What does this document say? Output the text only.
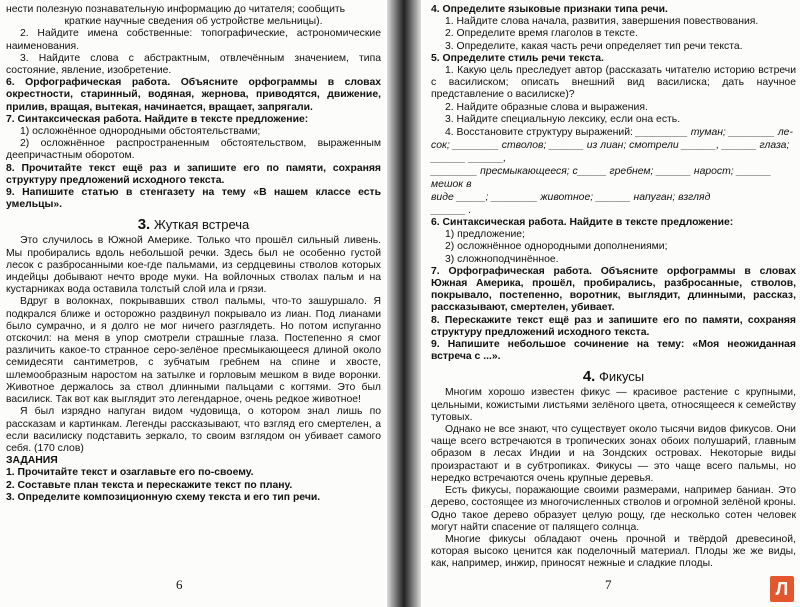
нести полезную познавательную информацию до читателя; сообщить
краткие научные сведения об устройстве мельницы).
2. Найдите имена собственные: топографические, астрономические наименования.
3. Найдите слова с абстрактным, отвлечённым значением, типа состояние, явление, изобретение.
6. Орфографическая работа. Объясните орфограммы в словах окрестности, старинный, водяная, жернова, приводятся, движение, прилив, вращая, вытекая, начинается, вращает, запрягали.
7. Синтаксическая работа. Найдите в тексте предложение:
1) осложнённое однородными обстоятельствами;
2) осложнённое распространенным обстоятельством, выраженным деепричастным оборотом.
8. Прочитайте текст ещё раз и запишите его по памяти, сохраняя структуру предложений исходного текста.
9. Напишите статью в стенгазету на тему «В нашем классе есть умельцы».
3. Жуткая встреча

Это случилось в Южной Америке. Только что прошёл сильный ливень. Мы пробирались вдоль небольшой речки. Здесь был не особенно густой лесок с разбросанными кое-где пальмами, из сердцевины стволов которых индейцы добывают нечто вроде муки. На войлочных стволах пальм и на кустарниках вода оставила толстый слой ила и грязи.

Вдруг в волокнах, покрывавших ствол пальмы, что-то зашуршало. Я подкрался ближе и осторожно раздвинул покрывало из лиан. Под лианами было сумрачно, и я долго не мог ничего разглядеть. Но потом испуганно отскочил: на меня в упор смотрели страшные глаза. Постепенно я смог различить какое-то странное серо-зелёное пресмыкающееся длиной около семидесяти сантиметров, с зубчатым гребнем на спине и хвосте, шлемообразным наростом на затылке и горловым мешком в виде воронки. Животное держалось за ствол длинными пальцами с когтями. Это был василиск. Так вот как выглядит это легендарное, очень редкое животное!

Я был изрядно напуган видом чудовища, о котором знал лишь по рассказам и картинкам. Легенды рассказывают, что взгляд его смертелен, а если василиску подставить зеркало, то своим взглядом он убивает самого себя. (170 слов)

ЗАДАНИЯ
1. Прочитайте текст и озаглавьте его по-своему.
2. Составьте план текста и перескажите текст по плану.
3. Определите композиционную схему текста и его тип речи.
6
4. Определите языковые признаки типа речи.
1. Найдите слова начала, развития, завершения повествования.
2. Определите время глаголов в тексте.
3. Определите, какая часть речи определяет тип речи текста.
5. Определите стиль речи текста.
1. Какую цель преследует автор (рассказать читателю историю встречи с василиском; описать внешний вид василиска; дать научное представление о василиске)?
2. Найдите образные слова и выражения.
3. Найдите специальную лексику, если она есть.
4. Восстановите структуру выражений: _________ туман; ________ ле-
сок; ________ стволов; ______ из лиан; смотрели ______, ______ глаза; ______ ______,
________ пресмыкающееся; с_____ гребнем; ______ нарост; ______ мешок в
виде _____; ________ животное; ______ напуган; взгляд
______ .
6. Синтаксическая работа. Найдите в тексте предложение:
1) предложение;
2) осложнённое однородными дополнениями;
3) сложноподчинённое.
7. Орфографическая работа. Объясните орфограммы в словах Южная Америка, прошёл, пробирались, разбросанные, стволов, покрывало, постепенно, воротник, выглядит, длинными, рассказ, рассказывают, смертелен, убивает.
8. Перескажите текст ещё раз и запишите его по памяти, сохраняя структуру предложений исходного текста.
9. Напишите небольшое сочинение на тему: «Моя неожиданная встреча с ...».
4. Фикусы

Многим хорошо известен фикус — красивое растение с крупными, цельными, кожистыми листьями зелёного цвета, относящееся к семейству тутовых.

Однако не все знают, что существует около тысячи видов фикусов. Они чаще всего встречаются в тропических зонах обоих полушарий, главным образом в лесах Индии и на Зондских островах. Некоторые виды произрастают и в субтропиках. Фикусы — это чаще всего пальмы, но нередко встречаются очень крупные деревья.

Есть фикусы, поражающие своими размерами, например баниан. Это дерево, состоящее из многочисленных стволов и огромной зелёной кроны. Одно такое дерево образует целую рощу, где несколько сотен человек могут найти спасение от палящего солнца.

Многие фикусы обладают очень прочной и твёрдой древесиной, которая высоко ценится как поделочный материал. Плоды же же виды, как, например, инжир, приносят нежные и сладкие плоды.

7	Л
